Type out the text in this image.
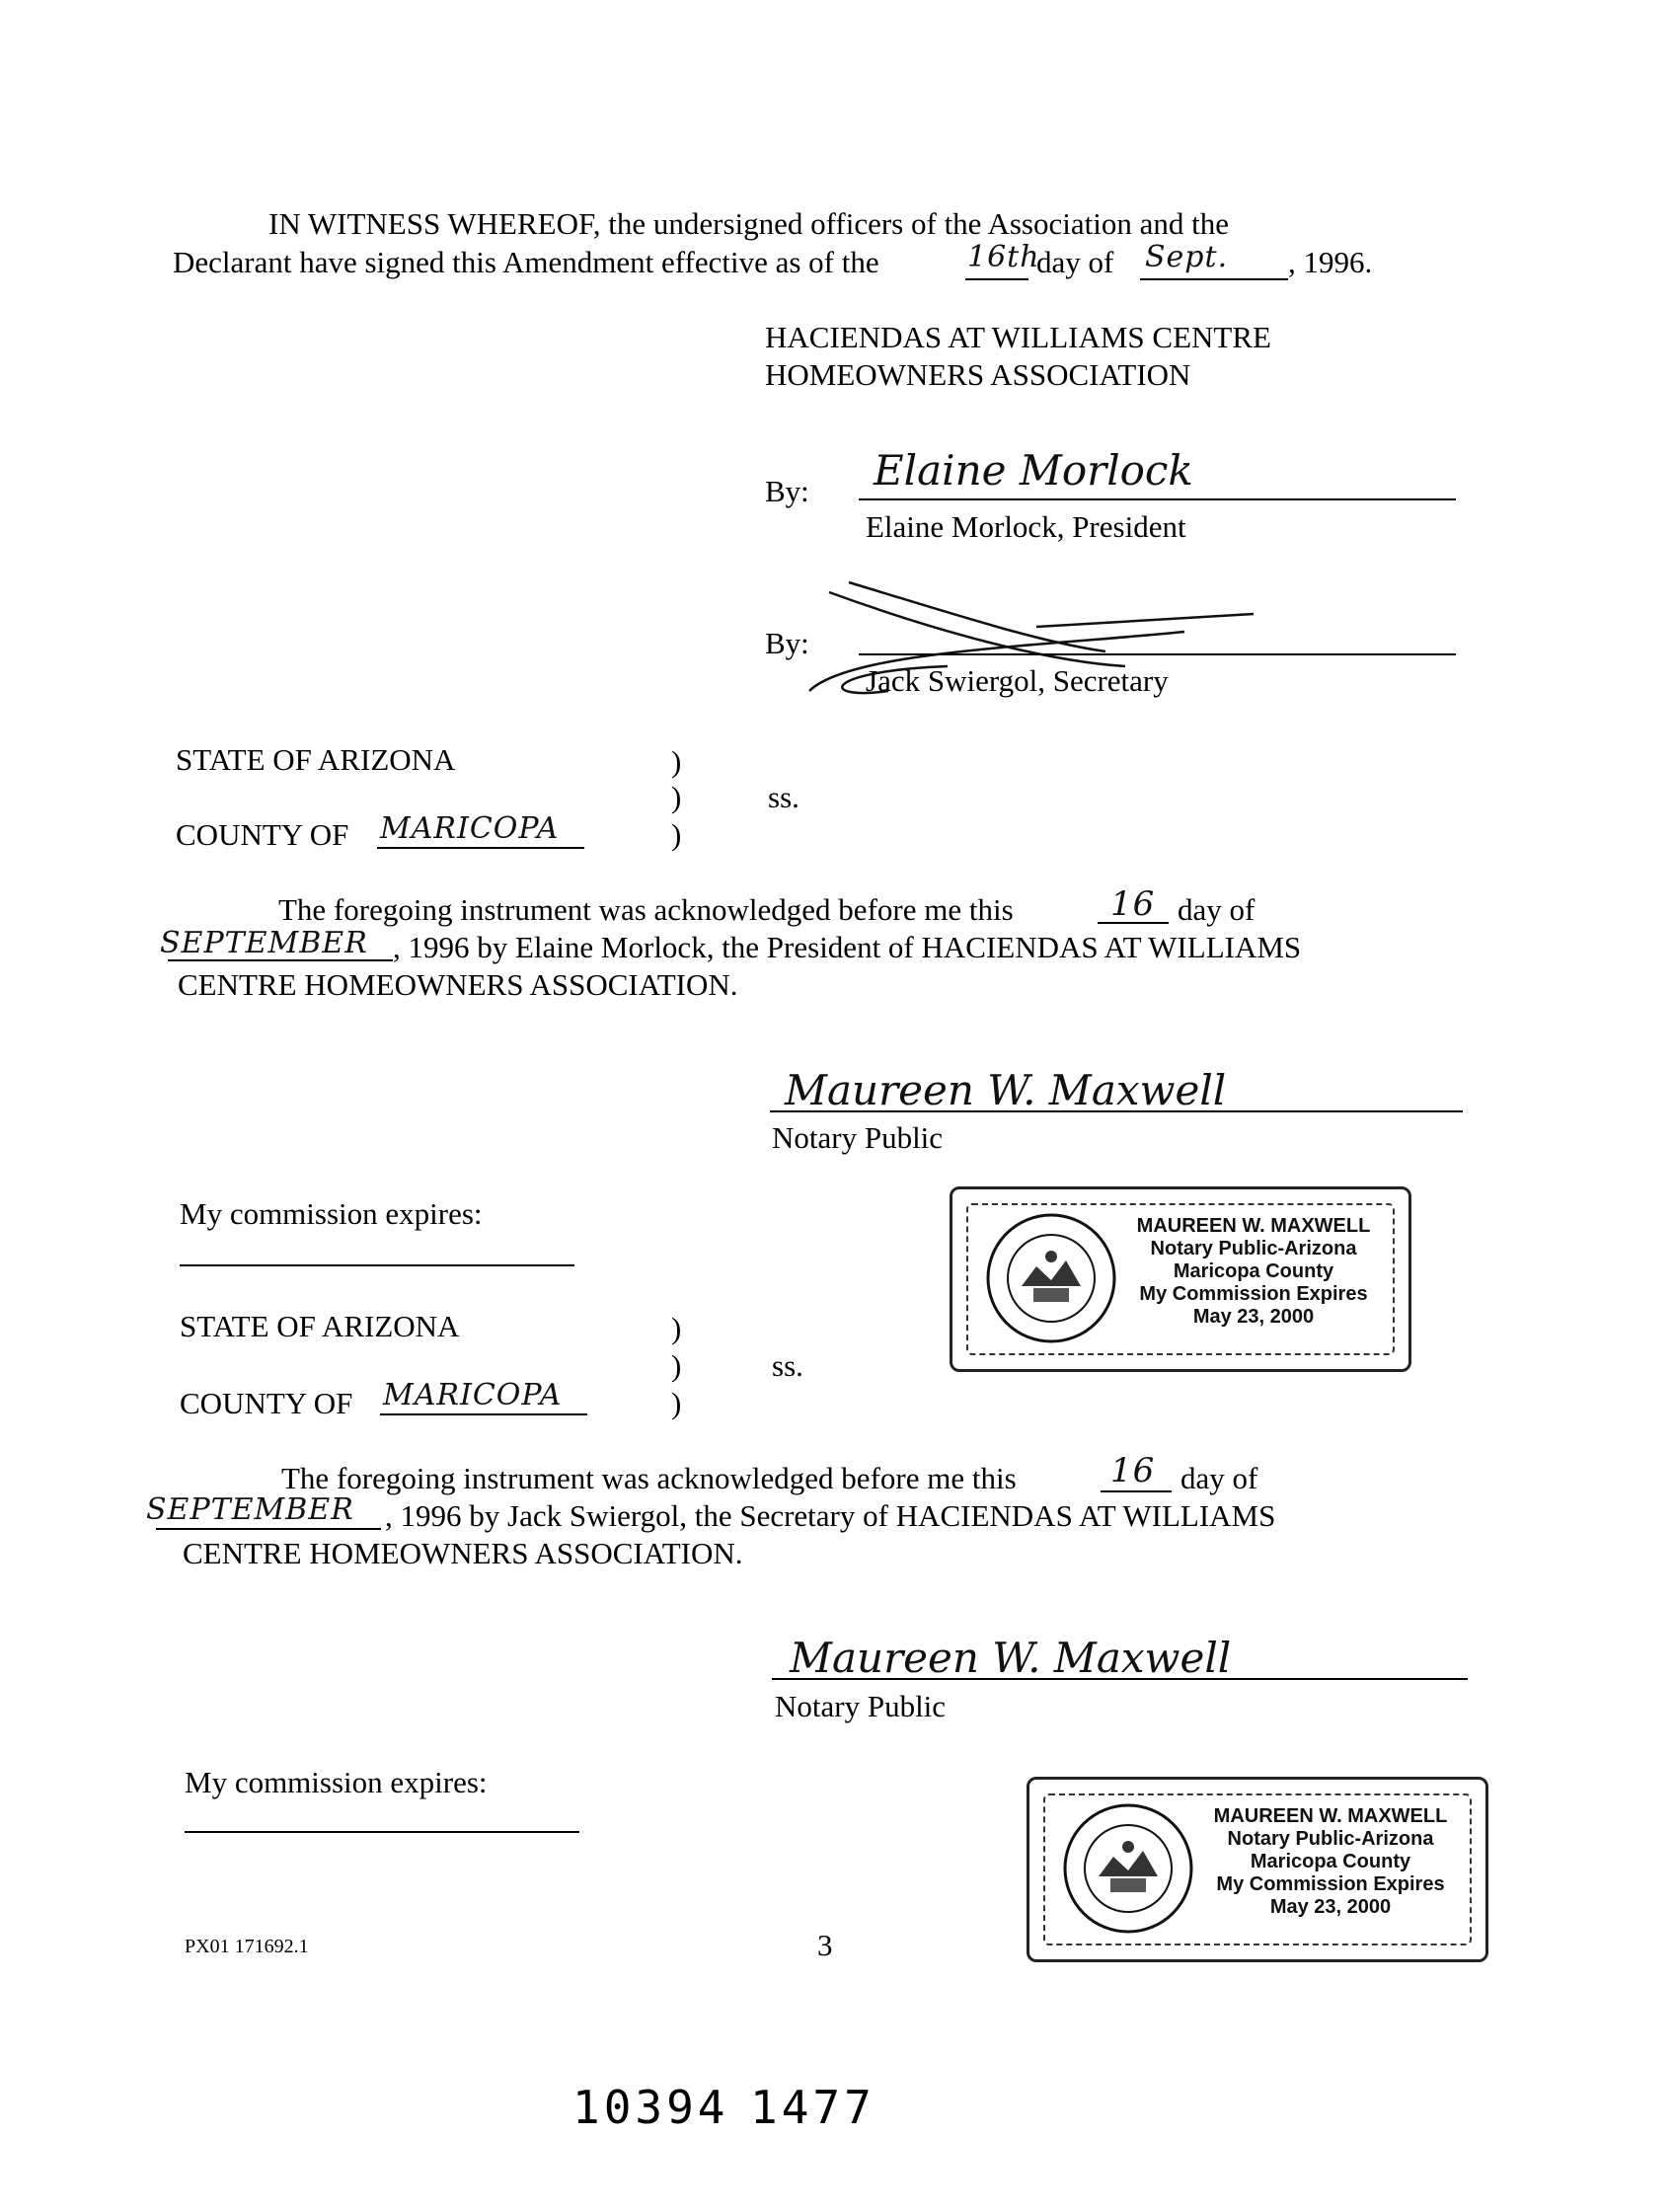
IN WITNESS WHEREOF, the undersigned officers of the Association and the
Declarant have signed this Amendment effective as of the	16th
day of Sept. , 1996.
HACIENDAS AT WILLIAMS CENTRE
HOMEOWNERS ASSOCIATION
By: Elaine Morlock
Elaine Morlock, President
By:
Jack Swiergol, Secretary
STATE OF ARIZONA	)
)	ss.
)
COUNTY OF MARICOPA
The foregoing instrument was acknowledged before me this	16 day of
SEPTEMBER , 1996 by Elaine Morlock, the President of HACIENDAS AT WILLIAMS
CENTRE HOMEOWNERS ASSOCIATION.
Maureen W. Maxwell
Notary Public
My commission expires:	MAUREEN W. MAXWELL
Notary Public-Arizona
Maricopa County
My Commission Expires
May 23, 2000
STATE OF ARIZONA	)
)	ss.
)
COUNTY OF MARICOPA
The foregoing instrument was acknowledged before me this	16 day of
SEPTEMBER , 1996 by Jack Swiergol, the Secretary of HACIENDAS AT WILLIAMS
CENTRE HOMEOWNERS ASSOCIATION.
Maureen W. Maxwell
Notary Public
My commission expires:
MAUREEN W. MAXWELL
Notary Public-Arizona
Maricopa County
My Commission Expires
May 23, 2000
PX01 171692.1	3
10394 1477
